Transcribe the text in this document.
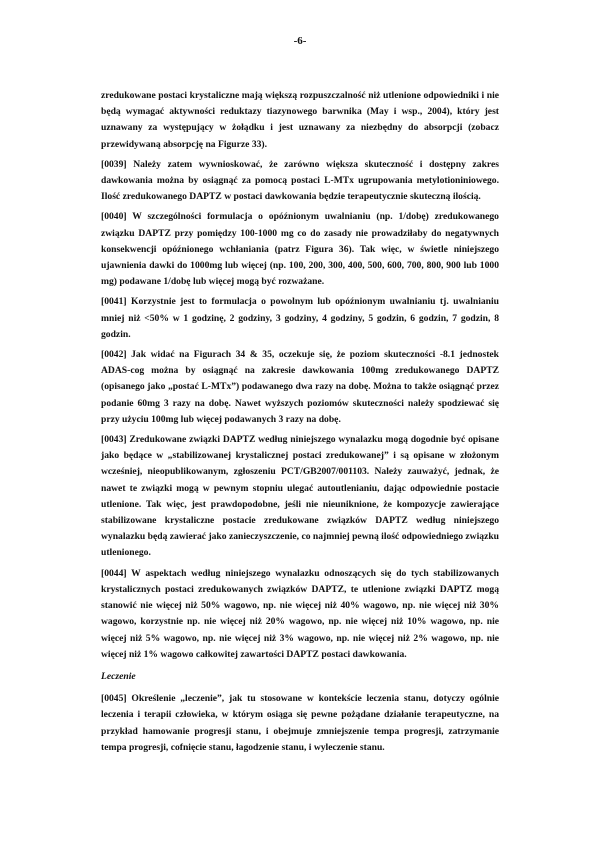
-6-

zredukowane postaci krystaliczne mają większą rozpuszczalność niż utlenione odpowiedniki i nie będą wymagać aktywności reduktazy tiazynowego barwnika (May i wsp., 2004), który jest uznawany za występujący w żołądku i jest uznawany za niezbędny do absorpcji (zobacz przewidywaną absorpcję na Figurze 33).

[0039] Należy zatem wywnioskować, że zarówno większa skuteczność i dostępny zakres dawkowania można by osiągnąć za pomocą postaci L-MTx ugrupowania metylotioniniowego. Ilość zredukowanego DAPTZ w postaci dawkowania będzie terapeutycznie skuteczną ilością.

[0040] W szczególności formulacja o opóźnionym uwalnianiu (np. 1/dobę) zredukowanego związku DAPTZ przy pomiędzy 100-1000 mg co do zasady nie prowadziłaby do negatywnych konsekwencji opóźnionego wchłaniania (patrz Figura 36). Tak więc, w świetle niniejszego ujawnienia dawki do 1000mg lub więcej (np. 100, 200, 300, 400, 500, 600, 700, 800, 900 lub 1000 mg) podawane 1/dobę lub więcej mogą być rozważane.

[0041] Korzystnie jest to formulacja o powolnym lub opóźnionym uwalnianiu tj. uwalnianiu mniej niż <50% w 1 godzinę, 2 godziny, 3 godziny, 4 godziny, 5 godzin, 6 godzin, 7 godzin, 8 godzin.

[0042] Jak widać na Figurach 34 & 35, oczekuje się, że poziom skuteczności -8.1 jednostek ADAS-cog można by osiągnąć na zakresie dawkowania 100mg zredukowanego DAPTZ (opisanego jako „postać L-MTx”) podawanego dwa razy na dobę. Można to także osiągnąć przez podanie 60mg 3 razy na dobę. Nawet wyższych poziomów skuteczności należy spodziewać się przy użyciu 100mg lub więcej podawanych 3 razy na dobę.

[0043] Zredukowane związki DAPTZ według niniejszego wynalazku mogą dogodnie być opisane jako będące w „stabilizowanej krystalicznej postaci zredukowanej” i są opisane w złożonym wcześniej, nieopublikowanym, zgłoszeniu PCT/GB2007/001103. Należy zauważyć, jednak, że nawet te związki mogą w pewnym stopniu ulegać autoutlenianiu, dając odpowiednie postacie utlenione. Tak więc, jest prawdopodobne, jeśli nie nieuniknione, że kompozycje zawierające stabilizowane krystaliczne postacie zredukowane związków DAPTZ według niniejszego wynalazku będą zawierać jako zanieczyszczenie, co najmniej pewną ilość odpowiedniego związku utlenionego.

[0044] W aspektach według niniejszego wynalazku odnoszących się do tych stabilizowanych krystalicznych postaci zredukowanych związków DAPTZ, te utlenione związki DAPTZ mogą stanowić nie więcej niż 50% wagowo, np. nie więcej niż 40% wagowo, np. nie więcej niż 30% wagowo, korzystnie np. nie więcej niż 20% wagowo, np. nie więcej niż 10% wagowo, np. nie więcej niż 5% wagowo, np. nie więcej niż 3% wagowo, np. nie więcej niż 2% wagowo, np. nie więcej niż 1% wagowo całkowitej zawartości DAPTZ postaci dawkowania.

Leczenie

[0045] Określenie „leczenie”, jak tu stosowane w kontekście leczenia stanu, dotyczy ogólnie leczenia i terapii człowieka, w którym osiąga się pewne pożądane działanie terapeutyczne, na przykład hamowanie progresji stanu, i obejmuje zmniejszenie tempa progresji, zatrzymanie tempa progresji, cofnięcie stanu, łagodzenie stanu, i wyleczenie stanu.
